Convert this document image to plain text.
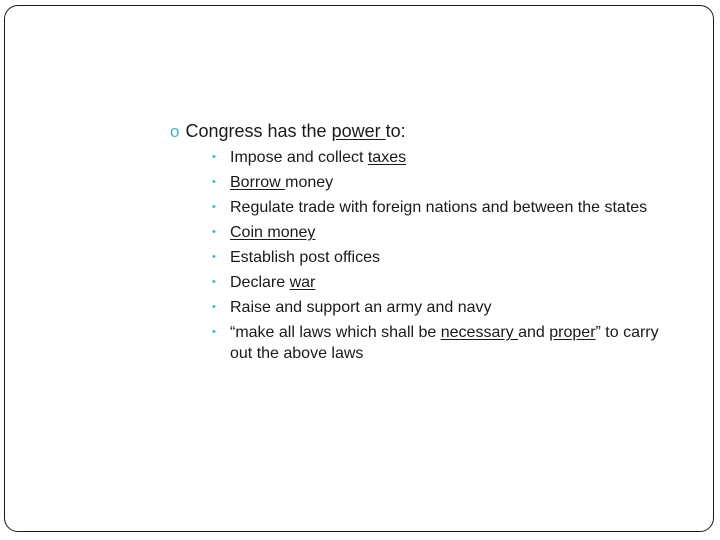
o Congress has the power to:
• Impose and collect taxes
• Borrow money
• Regulate trade with foreign nations and between the states
• Coin money
• Establish post offices
• Declare war
• Raise and support an army and navy
• “make all laws which shall be necessary and proper” to carry out the above laws
